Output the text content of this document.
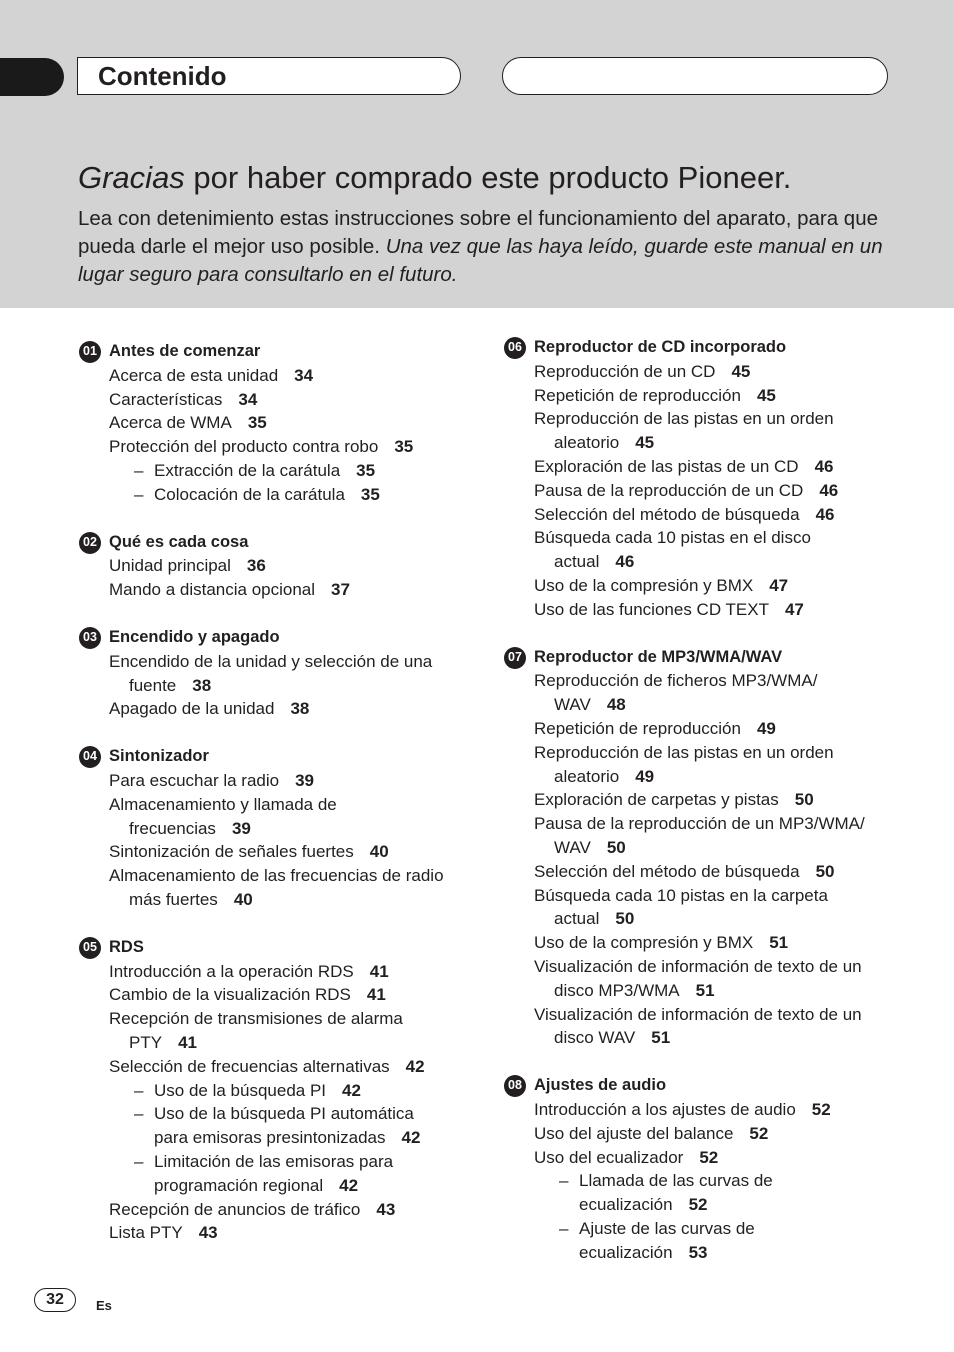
Contenido
Gracias por haber comprado este producto Pioneer.
Lea con detenimiento estas instrucciones sobre el funcionamiento del aparato, para que pueda darle el mejor uso posible. Una vez que las haya leído, guarde este manual en un lugar seguro para consultarlo en el futuro.
01 Antes de comenzar
Acerca de esta unidad 34
Características 34
Acerca de WMA 35
Protección del producto contra robo 35
– Extracción de la carátula 35
– Colocación de la carátula 35
02 Qué es cada cosa
Unidad principal 36
Mando a distancia opcional 37
03 Encendido y apagado
Encendido de la unidad y selección de una
fuente 38
Apagado de la unidad 38
04 Sintonizador
Para escuchar la radio 39
Almacenamiento y llamada de
frecuencias 39
Sintonización de señales fuertes 40
Almacenamiento de las frecuencias de radio
más fuertes 40
05 RDS
Introducción a la operación RDS 41
Cambio de la visualización RDS 41
Recepción de transmisiones de alarma
PTY 41
Selección de frecuencias alternativas 42
– Uso de la búsqueda PI 42
– Uso de la búsqueda PI automática
para emisoras presintonizadas 42
– Limitación de las emisoras para
programación regional 42
Recepción de anuncios de tráfico 43
Lista PTY 43
06 Reproductor de CD incorporado
Reproducción de un CD 45
Repetición de reproducción 45
Reproducción de las pistas en un orden
aleatorio 45
Exploración de las pistas de un CD 46
Pausa de la reproducción de un CD 46
Selección del método de búsqueda 46
Búsqueda cada 10 pistas en el disco
actual 46
Uso de la compresión y BMX 47
Uso de las funciones CD TEXT 47
07 Reproductor de MP3/WMA/WAV
Reproducción de ficheros MP3/WMA/
WAV 48
Repetición de reproducción 49
Reproducción de las pistas en un orden
aleatorio 49
Exploración de carpetas y pistas 50
Pausa de la reproducción de un MP3/WMA/
WAV 50
Selección del método de búsqueda 50
Búsqueda cada 10 pistas en la carpeta
actual 50
Uso de la compresión y BMX 51
Visualización de información de texto de un
disco MP3/WMA 51
Visualización de información de texto de un
disco WAV 51
08 Ajustes de audio
Introducción a los ajustes de audio 52
Uso del ajuste del balance 52
Uso del ecualizador 52
– Llamada de las curvas de
ecualización 52
– Ajuste de las curvas de
ecualización 53
32 Es
